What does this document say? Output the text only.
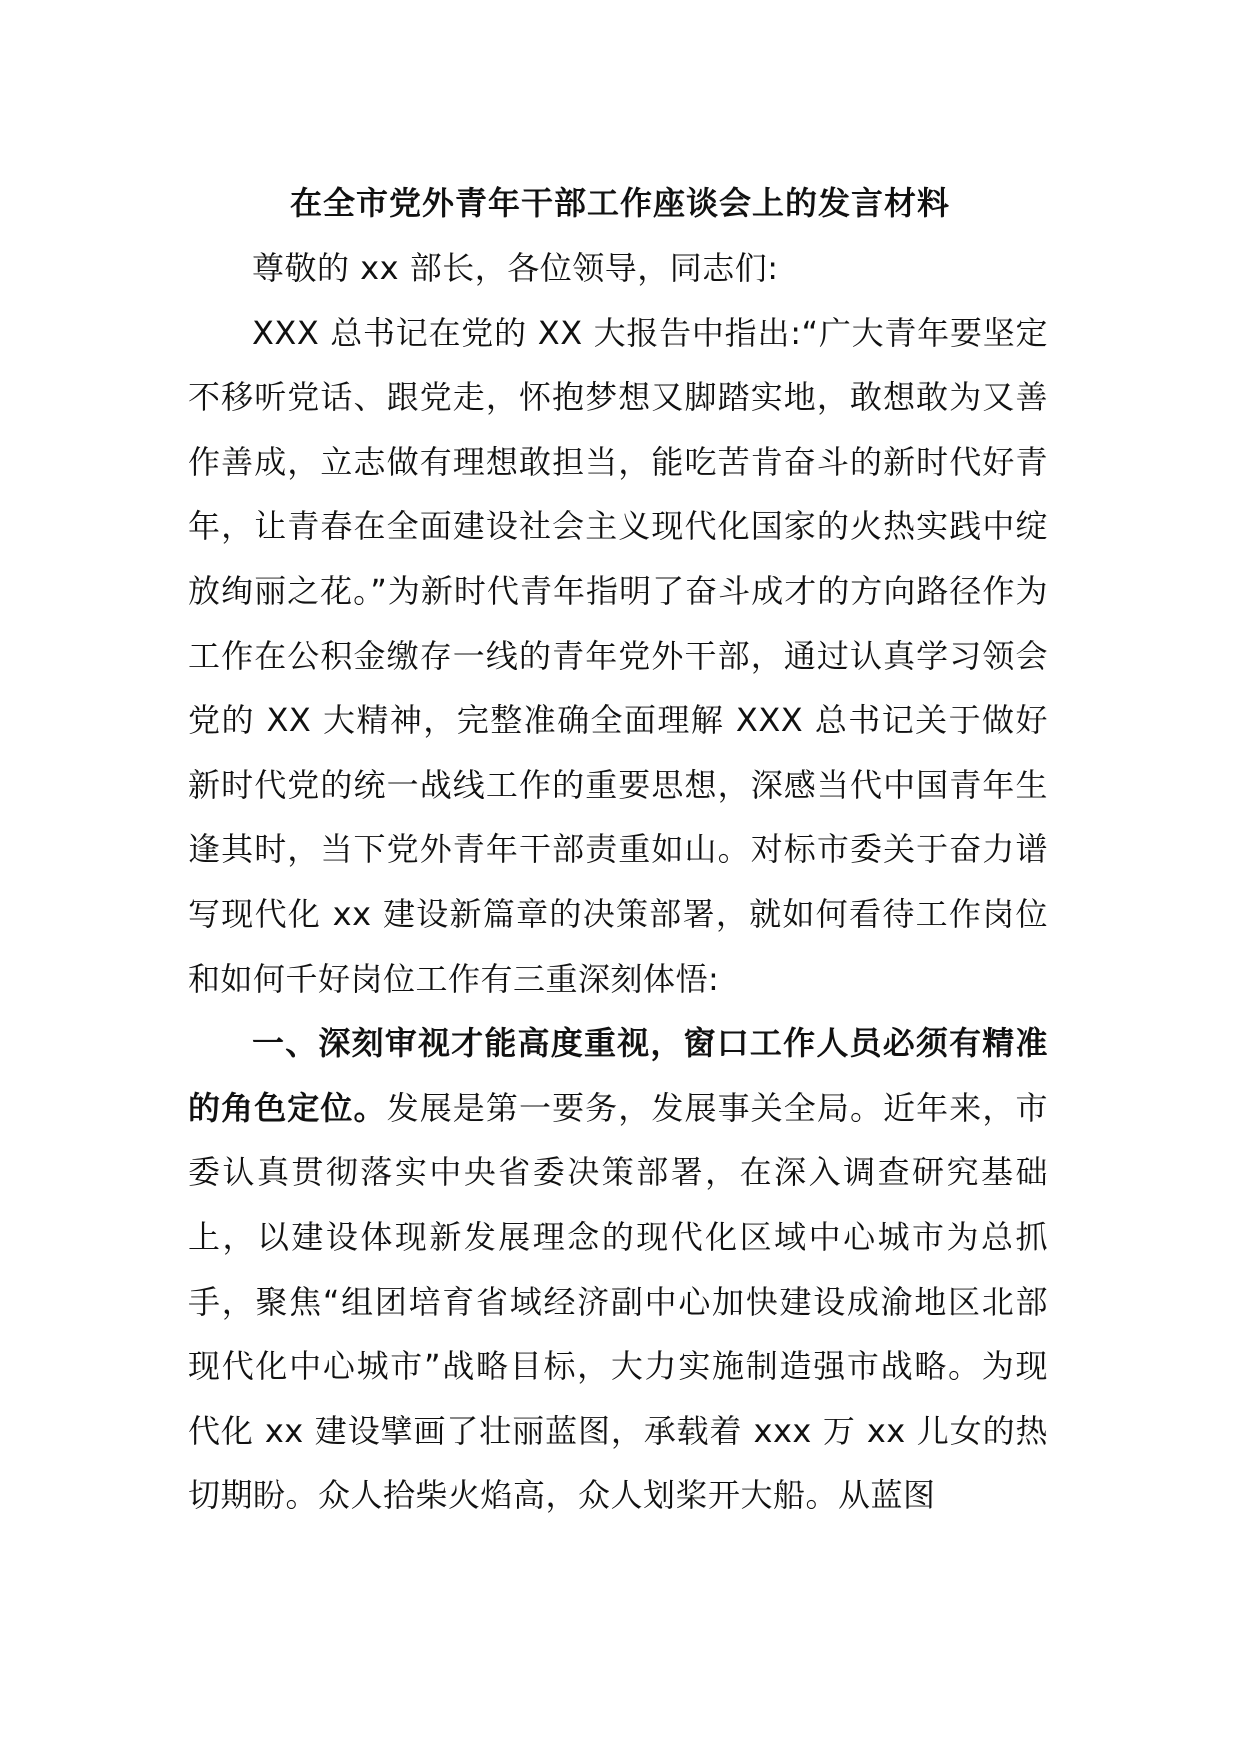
在全市党外青年干部工作座谈会上的发言材料

尊敬的 xx 部长，各位领导，同志们:

XXX 总书记在党的 XX 大报告中指出:“广大青年要坚定不移听党话、跟党走，怀抱梦想又脚踏实地，敢想敢为又善作善成，立志做有理想敢担当，能吃苦肯奋斗的新时代好青年，让青春在全面建设社会主义现代化国家的火热实践中绽放绚丽之花。”为新时代青年指明了奋斗成才的方向路径作为工作在公积金缴存一线的青年党外干部，通过认真学习领会党的 XX 大精神，完整准确全面理解 XXX 总书记关于做好新时代党的统一战线工作的重要思想，深感当代中国青年生逢其时，当下党外青年干部责重如山。对标市委关于奋力谱写现代化 xx 建设新篇章的决策部署，就如何看待工作岗位和如何千好岗位工作有三重深刻体悟:

一、深刻审视才能高度重视，窗口工作人员必须有精准的角色定位。发展是第一要务，发展事关全局。近年来，市委认真贯彻落实中央省委决策部署，在深入调查研究基础上，以建设体现新发展理念的现代化区域中心城市为总抓手，聚焦“组团培育省域经济副中心加快建设成渝地区北部现代化中心城市”战略目标，大力实施制造强市战略。为现代化 xx 建设擘画了壮丽蓝图，承载着 xxx 万 xx 儿女的热切期盼。众人拾柴火焰高，众人划桨开大船。从蓝图
